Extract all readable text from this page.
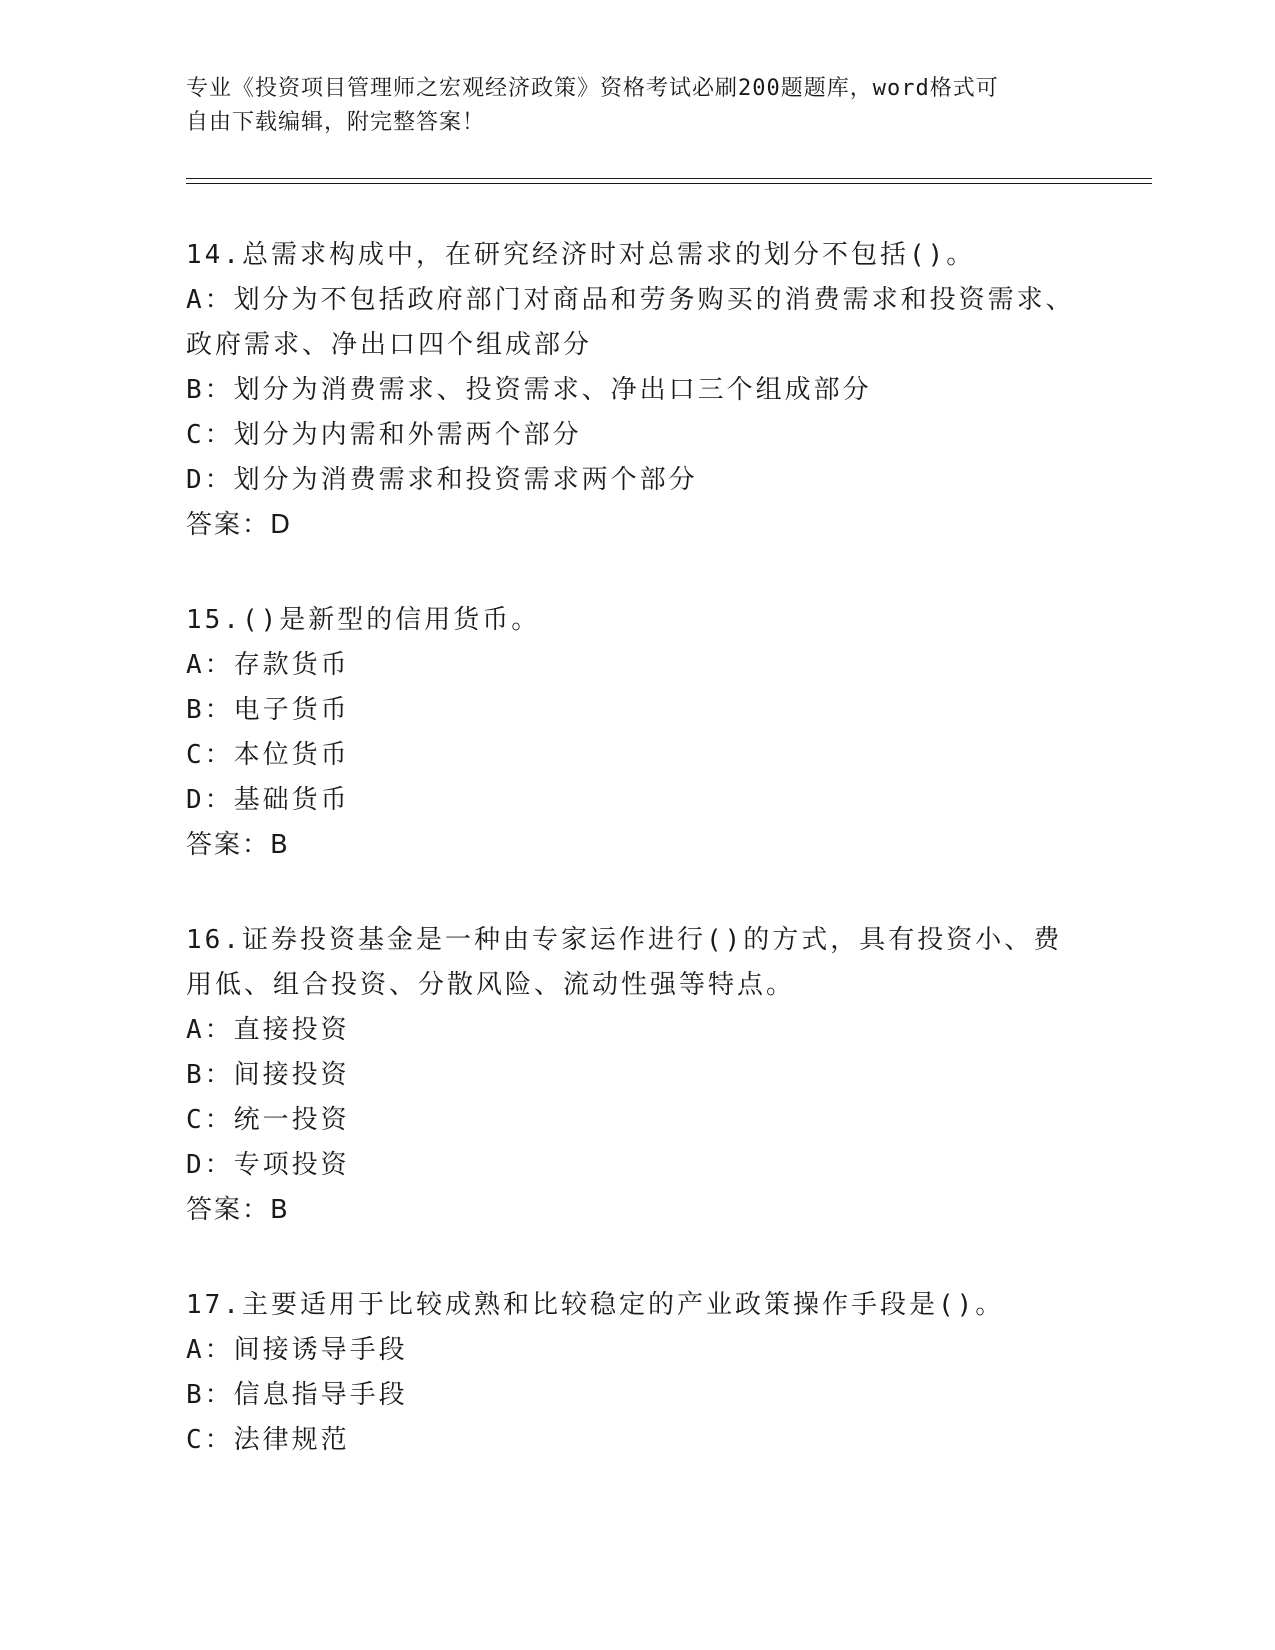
专业《投资项目管理师之宏观经济政策》资格考试必刷200题题库，word格式可
自由下载编辑，附完整答案！

14.总需求构成中，在研究经济时对总需求的划分不包括()。

A：划分为不包括政府部门对商品和劳务购买的消费需求和投资需求、政府需求、净出口四个组成部分

B：划分为消费需求、投资需求、净出口三个组成部分

C：划分为内需和外需两个部分

D：划分为消费需求和投资需求两个部分

答案：D

15.()是新型的信用货币。

A：存款货币

B：电子货币

C：本位货币

D：基础货币

答案：B

16.证券投资基金是一种由专家运作进行()的方式，具有投资小、费用低、组合投资、分散风险、流动性强等特点。

A：直接投资

B：间接投资

C：统一投资

D：专项投资

答案：B

17.主要适用于比较成熟和比较稳定的产业政策操作手段是()。

A：间接诱导手段

B：信息指导手段

C：法律规范
